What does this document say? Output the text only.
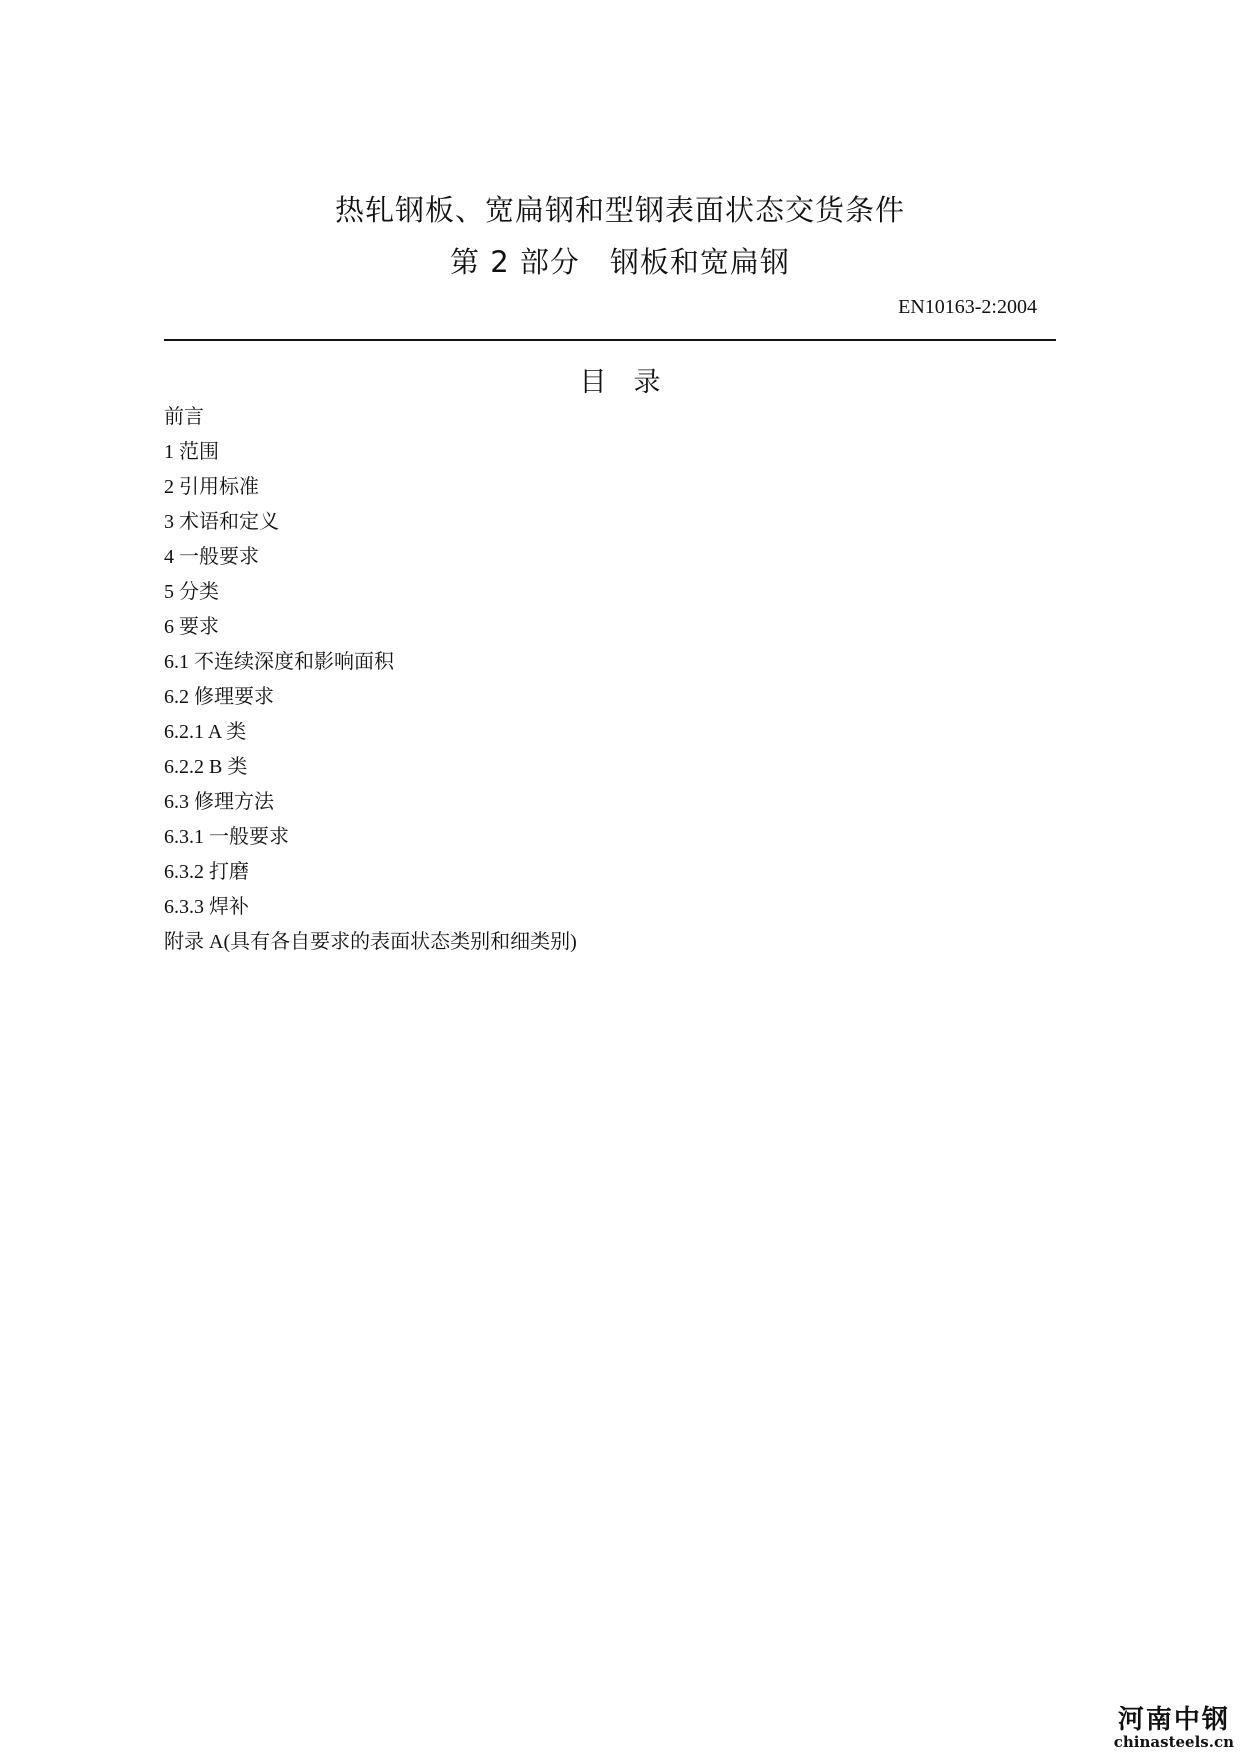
热轧钢板、宽扁钢和型钢表面状态交货条件
第 2 部分　钢板和宽扁钢
EN10163-2:2004
目　录
前言
1 范围
2 引用标准
3 术语和定义
4 一般要求
5 分类
6 要求
6.1 不连续深度和影响面积
6.2 修理要求
6.2.1 A 类
6.2.2 B 类
6.3 修理方法
6.3.1 一般要求
6.3.2 打磨
6.3.3 焊补
附录 A(具有各自要求的表面状态类别和细类别)
河南中钢
chinasteels.cn
